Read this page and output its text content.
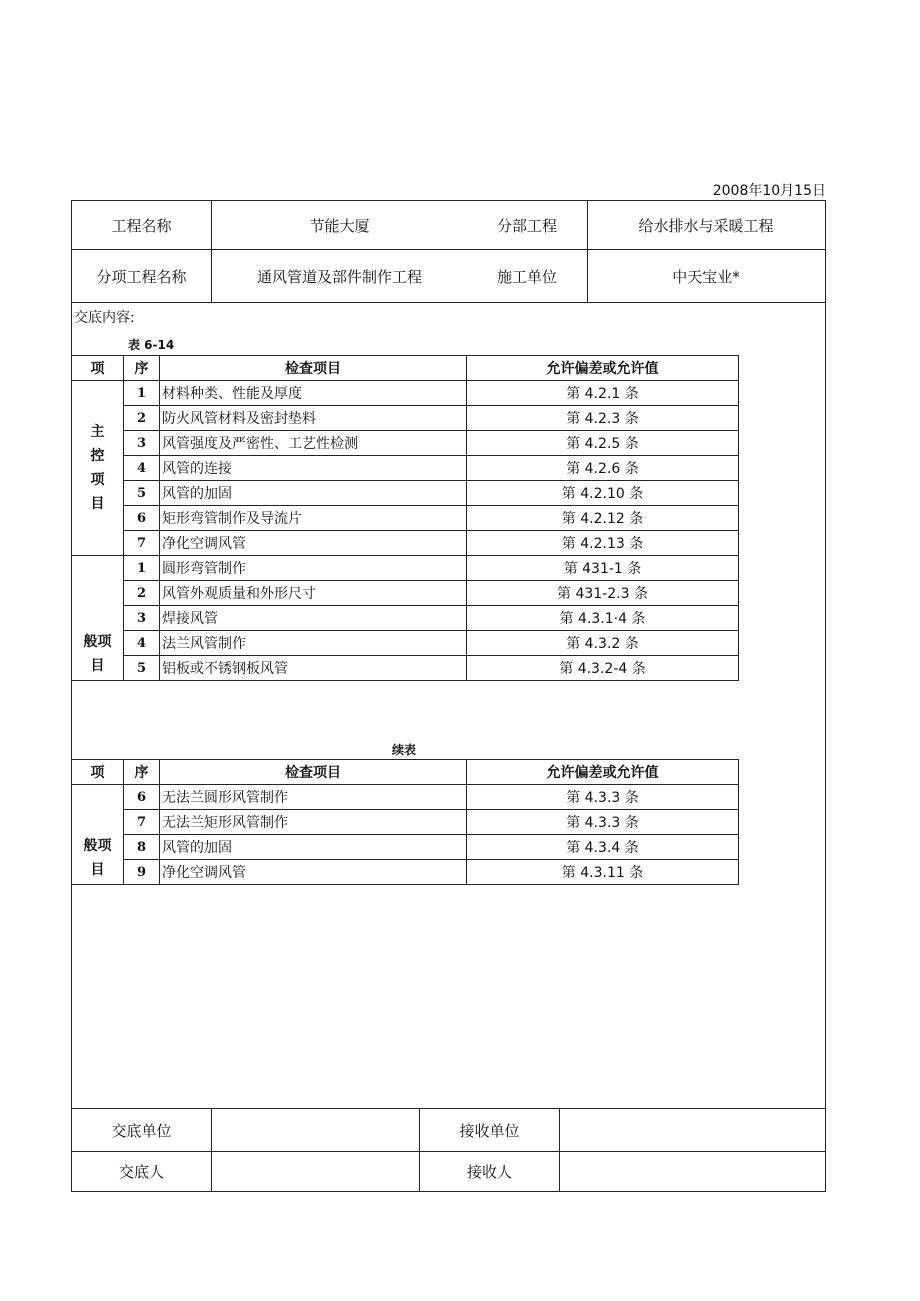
2008年10月15日
工程名称	节能大厦	分部工程	给水排水与采暖工程
分项工程名称	通风管道及部件制作工程	施工单位	中天宝业*
交底内容:
表 6-14
项	序	检查项目	允许偏差或允许值

主
控
项
目	1	材料种类、性能及厚度	第 4.2.1 条
	2	防火风管材料及密封垫料	第 4.2.3 条
	3	风管强度及严密性、工艺性检测	第 4.2.5 条
	4	风管的连接	第 4.2.6 条
	5	风管的加固	第 4.2.10 条
	6	矩形弯管制作及导流片	第 4.2.12 条
	7	净化空调风管	第 4.2.13 条

般项
目	1	圆形弯管制作	第 431-1 条
	2	风管外观质量和外形尺寸	第 431-2.3 条
	3	焊接风管	第 4.3.1·4 条
	4	法兰风管制作	第 4.3.2 条
	5	铝板或不锈钢板风管	第 4.3.2-4 条
续表
项	序	检查项目	允许偏差或允许值

般项
目	6	无法兰圆形风管制作	第 4.3.3 条
	7	无法兰矩形风管制作	第 4.3.3 条
	8	风管的加固	第 4.3.4 条
	9	净化空调风管	第 4.3.11 条
交底单位	接收单位
交底人	接收人
